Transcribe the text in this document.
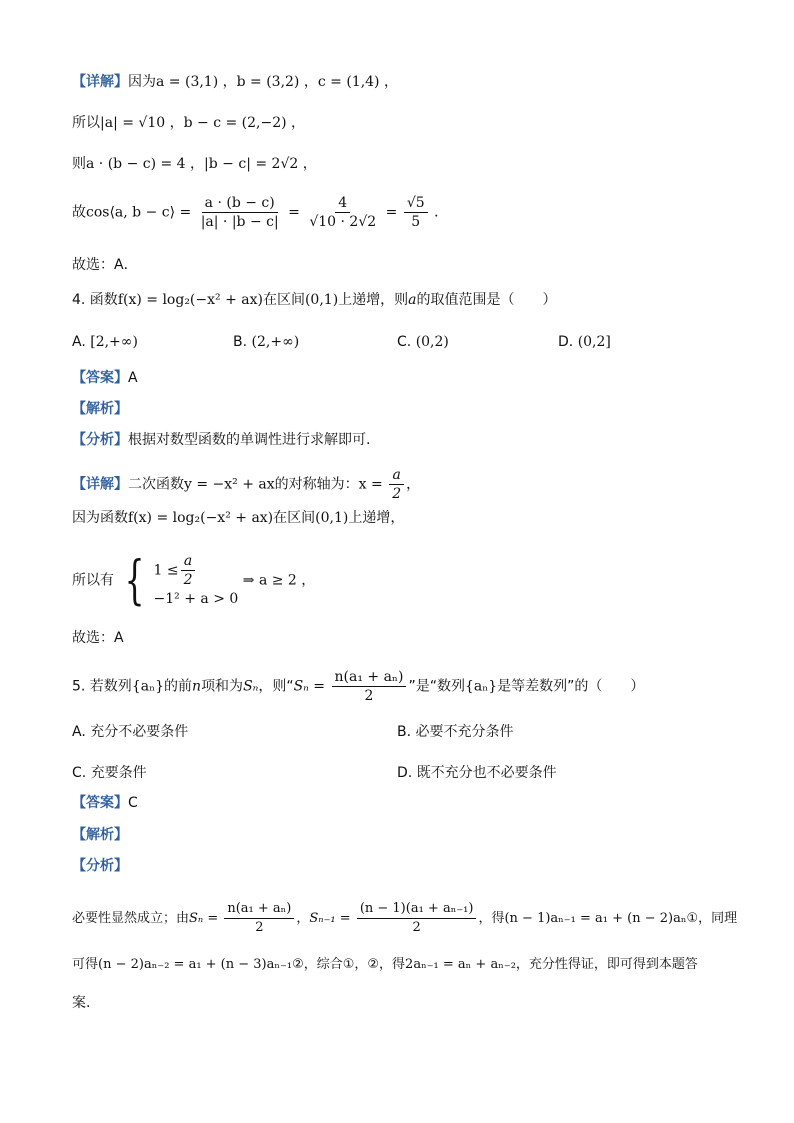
【详解】因为a = (3,1) ，b = (3,2) ，c = (1,4) ，
所以|a| = √10 ，b − c = (2,−2) ，
则a · (b − c) = 4 ，|b − c| = 2√2 ，
故cos⟨a, b − c⟩ = $\frac{a \cdot (b - c)}{|a| \cdot |b - c|} = \frac{4}{√10 \cdot 2√2} = \frac{√5}{5}$ ．
故选：A．
4. 函数f(x) = log₂(−x² + ax)在区间(0,1)上递增，则a的取值范围是（　　）
A. [2,+∞)	B. (2,+∞)	C. (0,2)	D. (0,2]
【答案】A
【解析】
【分析】根据对数型函数的单调性进行求解即可.
【详解】二次函数y = −x² + ax的对称轴为：$x = \frac{a}{2}$ ，
因为函数f(x) = log₂(−x² + ax)在区间(0,1)上递增，
所以有 { $1 \le \frac{a}{2}$
−1² + a > 0
⇒ a ≥ 2 ，
故选：A
5. 若数列{aₙ}的前n项和为Sₙ，则“$S_n = \frac{\text{n(a₁ + aₙ)}}{2}$ ”是“数列{aₙ}是等差数列”的（　　）
A. 充分不必要条件	B. 必要不充分条件
C. 充要条件	D. 既不充分也不必要条件
【答案】C
【解析】
【分析】
必要性显然成立；由$S_n = \frac{\text{n(a₁ + aₙ)}}{2}$ ，$S_{n-1} = \frac{\text{(n − 1)(a₁ + aₙ₋₁)}}{2}$ ，得(n − 1)aₙ₋₁ = a₁ + (n − 2)aₙ①，同理
可得(n − 2)aₙ₋₂ = a₁ + (n − 3)aₙ₋₁②，综合①，②，得2aₙ₋₁ = aₙ + aₙ₋₂，充分性得证，即可得到本题答
案.
